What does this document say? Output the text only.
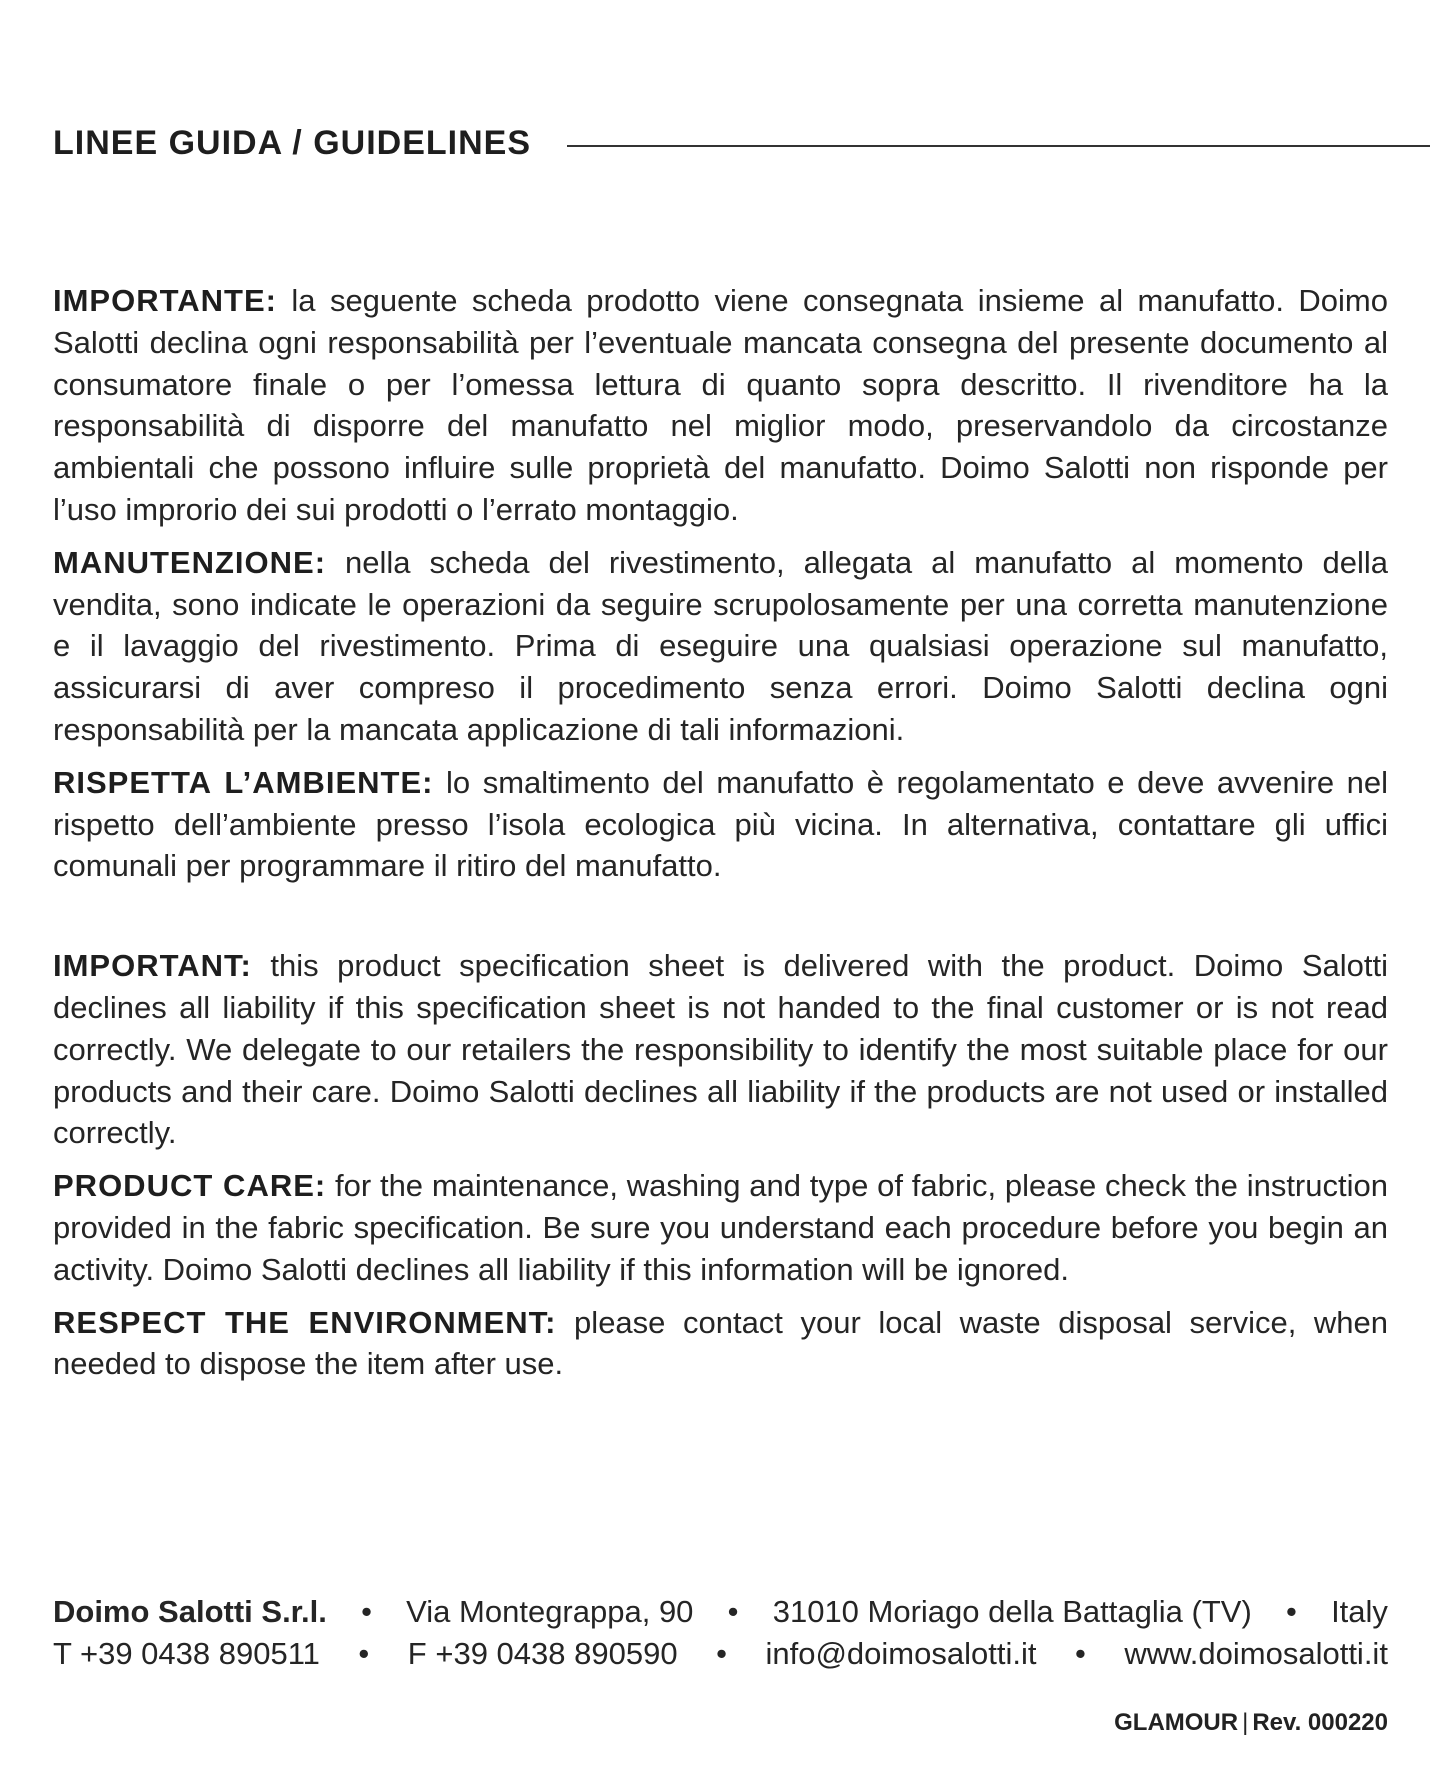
LINEE GUIDA / GUIDELINES

IMPORTANTE: la seguente scheda prodotto viene consegnata insieme al manufatto. Doimo Salotti declina ogni responsabilità per l’eventuale mancata consegna del presente documento al consumatore finale o per l’omessa lettura di quanto sopra descritto. Il rivenditore ha la responsabilità di disporre del manufatto nel miglior modo, preservandolo da circostanze ambientali che possono influire sulle proprietà del manufatto. Doimo Salotti non risponde per l’uso improrio dei sui prodotti o l’errato montaggio.

MANUTENZIONE: nella scheda del rivestimento, allegata al manufatto al momento della vendita, sono indicate le operazioni da seguire scrupolosamente per una corretta manutenzione e il lavaggio del rivestimento. Prima di eseguire una qualsiasi operazione sul manufatto, assicurarsi di aver compreso il procedimento senza errori. Doimo Salotti declina ogni responsabilità per la mancata applicazione di tali informazioni.

RISPETTA L’AMBIENTE: lo smaltimento del manufatto è regolamentato e deve avvenire nel rispetto dell’ambiente presso l’isola ecologica più vicina. In alternativa, contattare gli uffici comunali per programmare il ritiro del manufatto.

IMPORTANT: this product specification sheet is delivered with the product. Doimo Salotti declines all liability if this specification sheet is not handed to the final customer or is not read correctly. We delegate to our retailers the responsibility to identify the most suitable place for our products and their care. Doimo Salotti declines all liability if the products are not used or installed correctly.

PRODUCT CARE: for the maintenance, washing and type of fabric, please check the instruction provided in the fabric specification. Be sure you understand each procedure before you begin an activity. Doimo Salotti declines all liability if this information will be ignored.

RESPECT THE ENVIRONMENT: please contact your local waste disposal service, when needed to dispose the item after use.

Doimo Salotti S.r.l. • Via Montegrappa, 90 • 31010 Moriago della Battaglia (TV) • Italy
T +39 0438 890511 • F +39 0438 890590 • info@doimosalotti.it • www.doimosalotti.it
GLAMOUR | Rev. 000220
